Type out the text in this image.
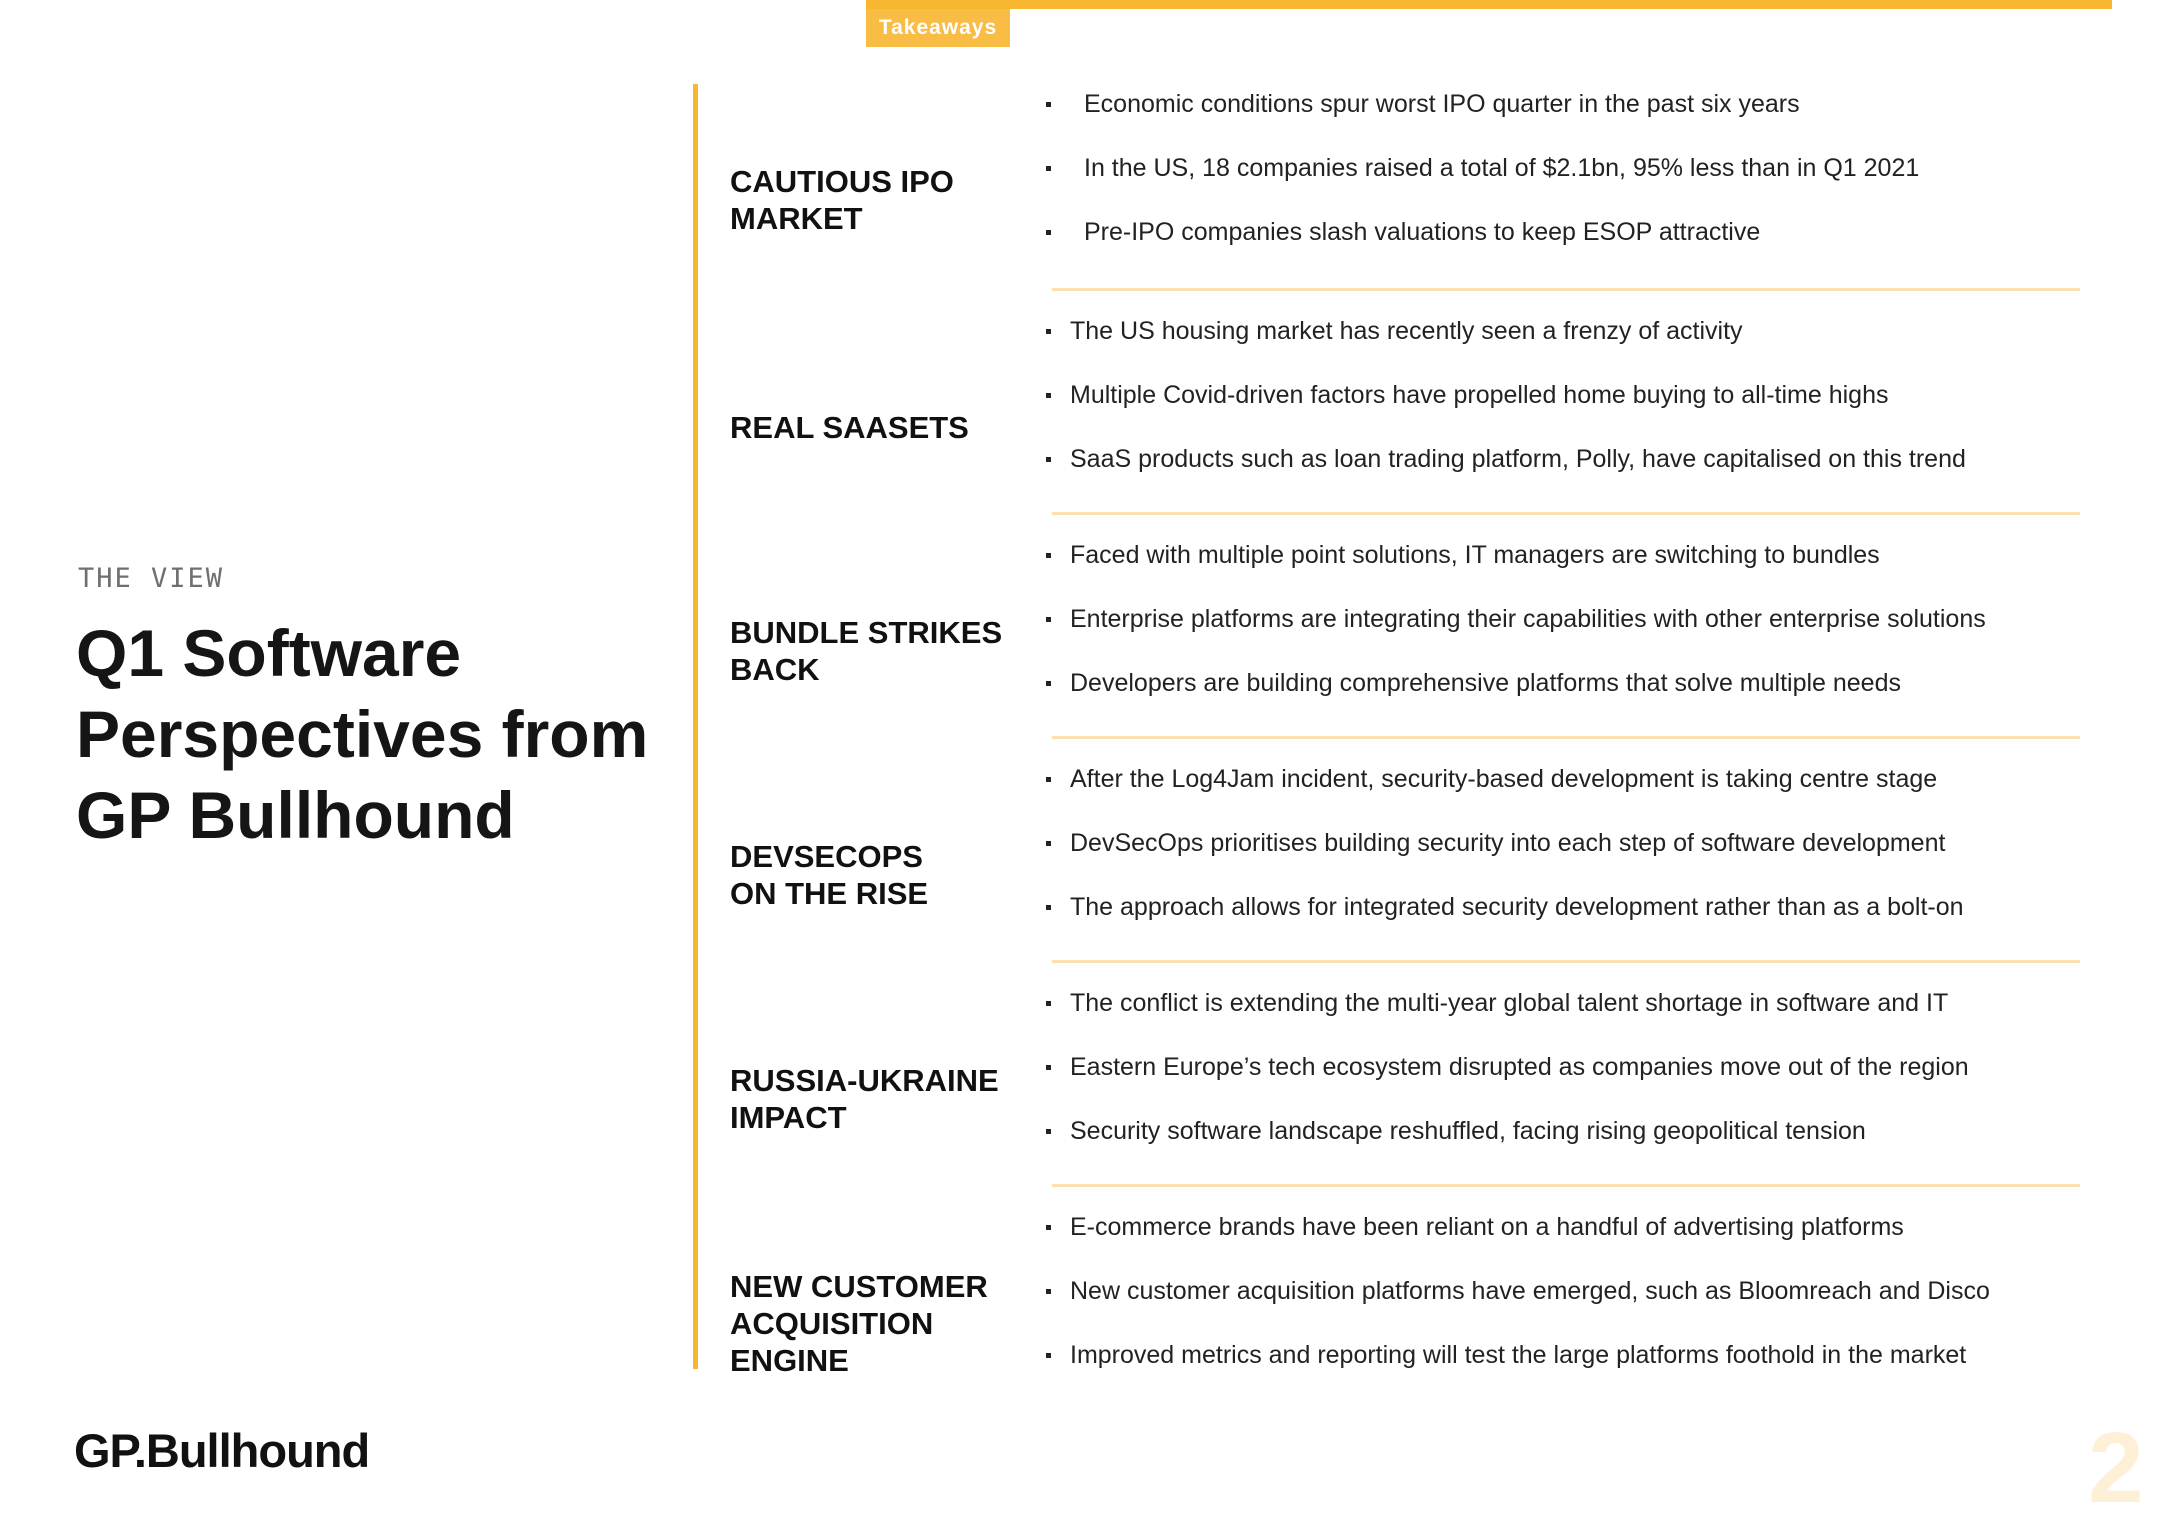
Takeaways
THE VIEW
Q1 Software Perspectives from GP Bullhound
CAUTIOUS IPO
MARKET
Economic conditions spur worst IPO quarter in the past six years
In the US, 18 companies raised a total of $2.1bn, 95% less than in Q1 2021
Pre-IPO companies slash valuations to keep ESOP attractive
REAL SAASETS
The US housing market has recently seen a frenzy of activity
Multiple Covid-driven factors have propelled home buying to all-time highs
SaaS products such as loan trading platform, Polly, have capitalised on this trend
BUNDLE STRIKES
BACK
Faced with multiple point solutions, IT managers are switching to bundles
Enterprise platforms are integrating their capabilities with other enterprise solutions
Developers are building comprehensive platforms that solve multiple needs
DEVSECOPS
ON THE RISE
After the Log4Jam incident, security-based development is taking centre stage
DevSecOps prioritises building security into each step of software development
The approach allows for integrated security development rather than as a bolt-on
RUSSIA-UKRAINE
IMPACT
The conflict is extending the multi-year global talent shortage in software and IT
Eastern Europe’s tech ecosystem disrupted as companies move out of the region
Security software landscape reshuffled, facing rising geopolitical tension
NEW CUSTOMER
ACQUISITION
ENGINE
E-commerce brands have been reliant on a handful of advertising platforms
New customer acquisition platforms have emerged, such as Bloomreach and Disco
Improved metrics and reporting will test the large platforms foothold in the market
GP.Bullhound	2
